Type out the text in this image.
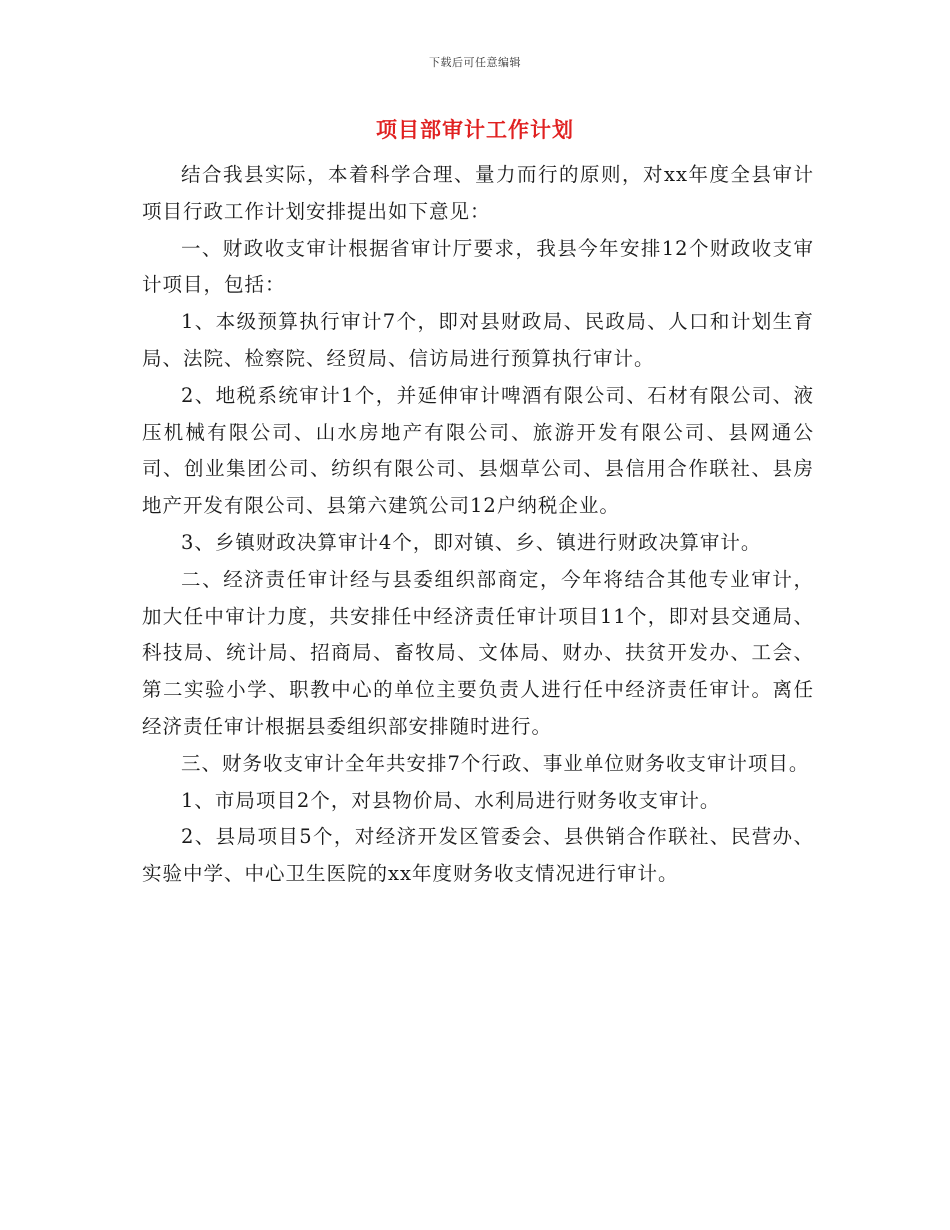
下载后可任意编辑
项目部审计工作计划

结合我县实际，本着科学合理、量力而行的原则，对xx年度全县审计项目行政工作计划安排提出如下意见：

一、财政收支审计根据省审计厅要求，我县今年安排12个财政收支审计项目，包括：

1、本级预算执行审计7个，即对县财政局、民政局、人口和计划生育局、法院、检察院、经贸局、信访局进行预算执行审计。

2、地税系统审计1个，并延伸审计啤酒有限公司、石材有限公司、液压机械有限公司、山水房地产有限公司、旅游开发有限公司、县网通公司、创业集团公司、纺织有限公司、县烟草公司、县信用合作联社、县房地产开发有限公司、县第六建筑公司12户纳税企业。

3、乡镇财政决算审计4个，即对镇、乡、镇进行财政决算审计。

二、经济责任审计经与县委组织部商定，今年将结合其他专业审计，加大任中审计力度，共安排任中经济责任审计项目11个，即对县交通局、科技局、统计局、招商局、畜牧局、文体局、财办、扶贫开发办、工会、第二实验小学、职教中心的单位主要负责人进行任中经济责任审计。离任经济责任审计根据县委组织部安排随时进行。

三、财务收支审计全年共安排7个行政、事业单位财务收支审计项目。

1、市局项目2个，对县物价局、水利局进行财务收支审计。

2、县局项目5个，对经济开发区管委会、县供销合作联社、民营办、实验中学、中心卫生医院的xx年度财务收支情况进行审计。
